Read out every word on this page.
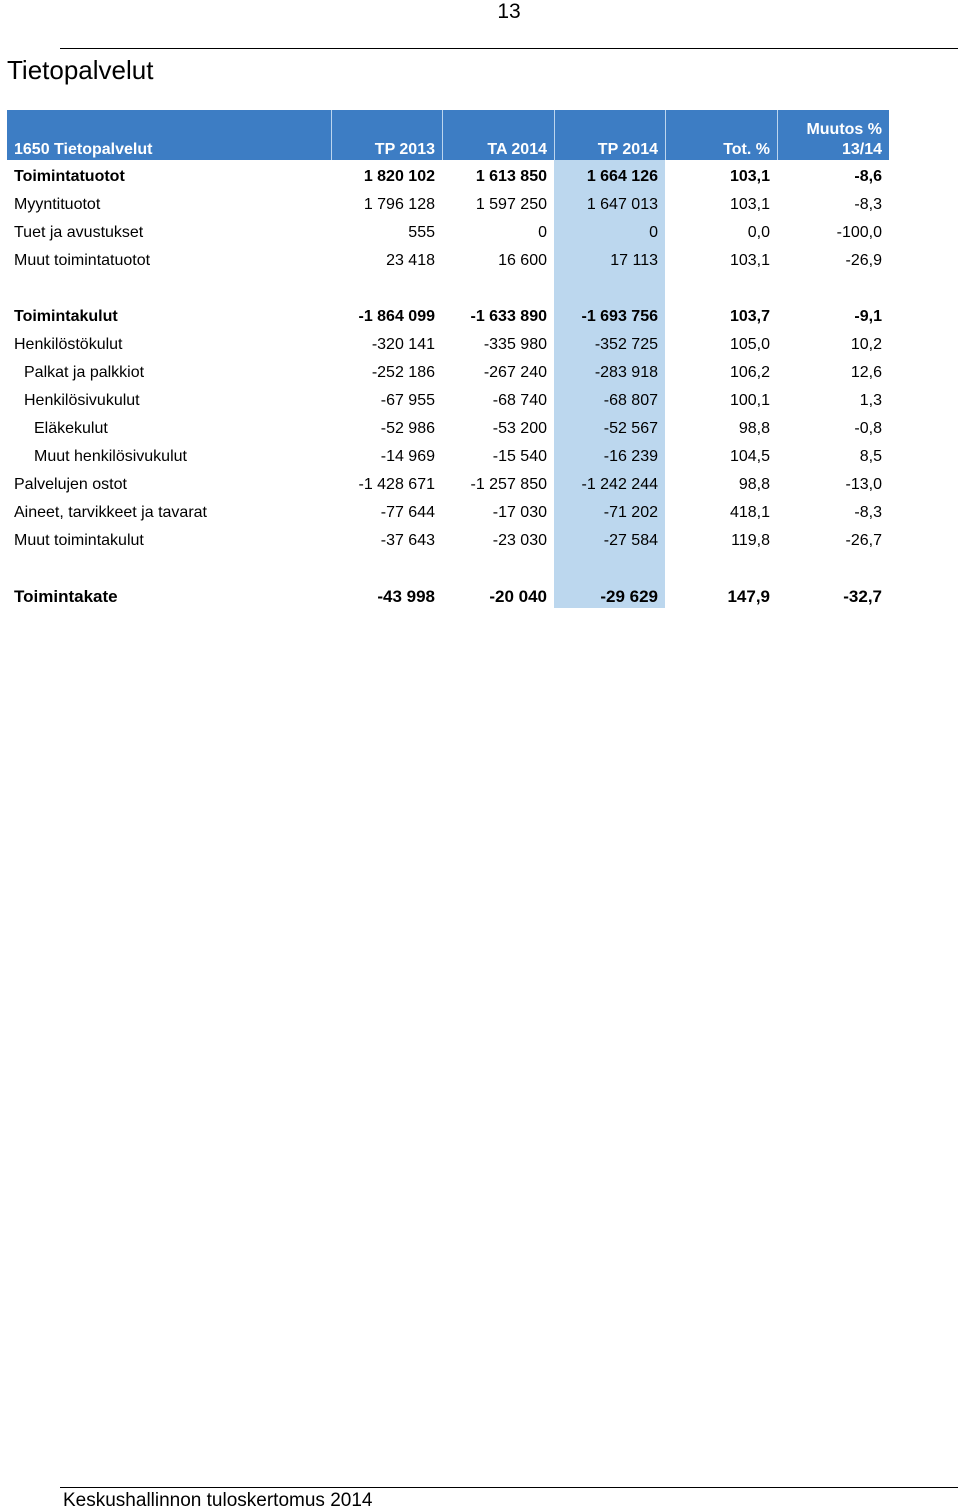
13
Tietopalvelut
1650 Tietopalvelut	TP 2013	TA 2014	TP 2014	Tot. %	Muutos %
13/14
Toimintatuotot	1 820 102	1 613 850	1 664 126	103,1	-8,6
Myyntituotot	1 796 128	1 597 250	1 647 013	103,1	-8,3
Tuet ja avustukset	555	0	0	0,0	-100,0
Muut toimintatuotot	23 418	16 600	17 113	103,1	-26,9

Toimintakulut	-1 864 099	-1 633 890	-1 693 756	103,7	-9,1
Henkilöstökulut	-320 141	-335 980	-352 725	105,0	10,2
Palkat ja palkkiot	-252 186	-267 240	-283 918	106,2	12,6
Henkilösivukulut	-67 955	-68 740	-68 807	100,1	1,3
Eläkekulut	-52 986	-53 200	-52 567	98,8	-0,8
Muut henkilösivukulut	-14 969	-15 540	-16 239	104,5	8,5
Palvelujen ostot	-1 428 671	-1 257 850	-1 242 244	98,8	-13,0
Aineet, tarvikkeet ja tavarat	-77 644	-17 030	-71 202	418,1	-8,3
Muut toimintakulut	-37 643	-23 030	-27 584	119,8	-26,7

Toimintakate	-43 998	-20 040	-29 629	147,9	-32,7
Keskushallinnon tuloskertomus 2014
